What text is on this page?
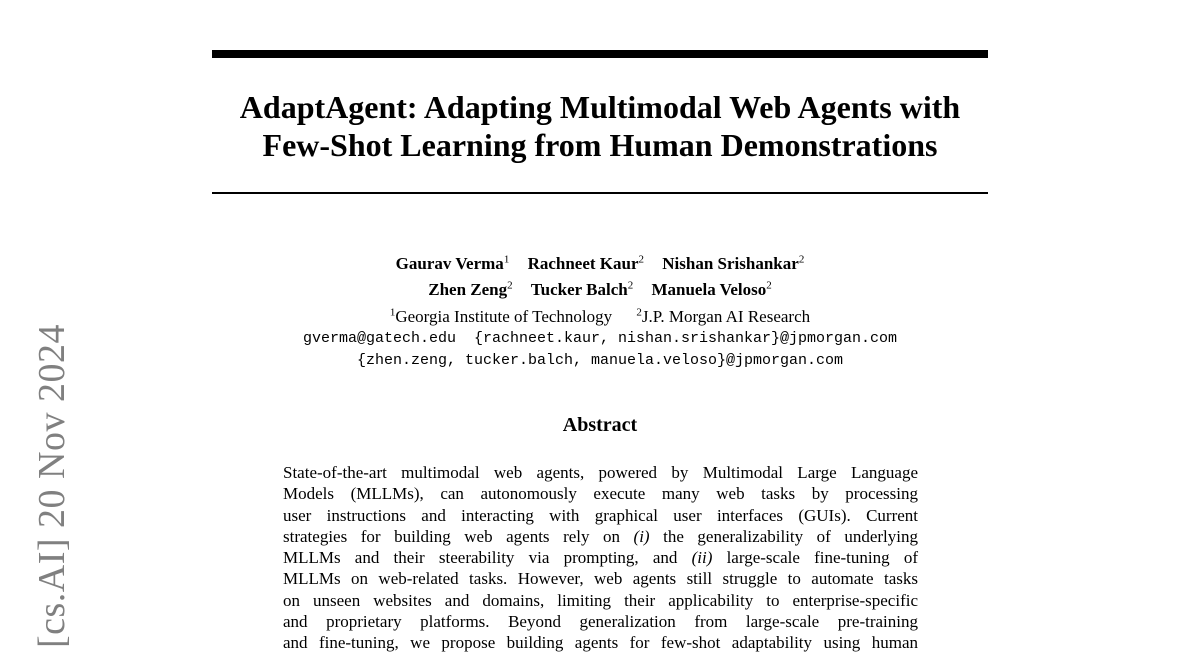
[cs.AI] 20 Nov 2024
AdaptAgent: Adapting Multimodal Web Agents with
Few-Shot Learning from Human Demonstrations
Gaurav Verma$^1$ Rachneet Kaur$^2$ Nishan Srishankar$^2$
Zhen Zeng$^2$ Tucker Balch$^2$ Manuela Veloso$^2$
$^1$Georgia Institute of Technology $^2$J.P. Morgan AI Research
gverma@gatech.edu  {rachneet.kaur, nishan.srishankar}@jpmorgan.com
{zhen.zeng, tucker.balch, manuela.veloso}@jpmorgan.com
Abstract
State-of-the-art multimodal web agents, powered by Multimodal Large Language
Models (MLLMs), can autonomously execute many web tasks by processing
user instructions and interacting with graphical user interfaces (GUIs). Current
strategies for building web agents rely on (i) the generalizability of underlying
MLLMs and their steerability via prompting, and (ii) large-scale fine-tuning of
MLLMs on web-related tasks. However, web agents still struggle to automate tasks
on unseen websites and domains, limiting their applicability to enterprise-specific
and proprietary platforms. Beyond generalization from large-scale pre-training
and fine-tuning, we propose building agents for few-shot adaptability using human
